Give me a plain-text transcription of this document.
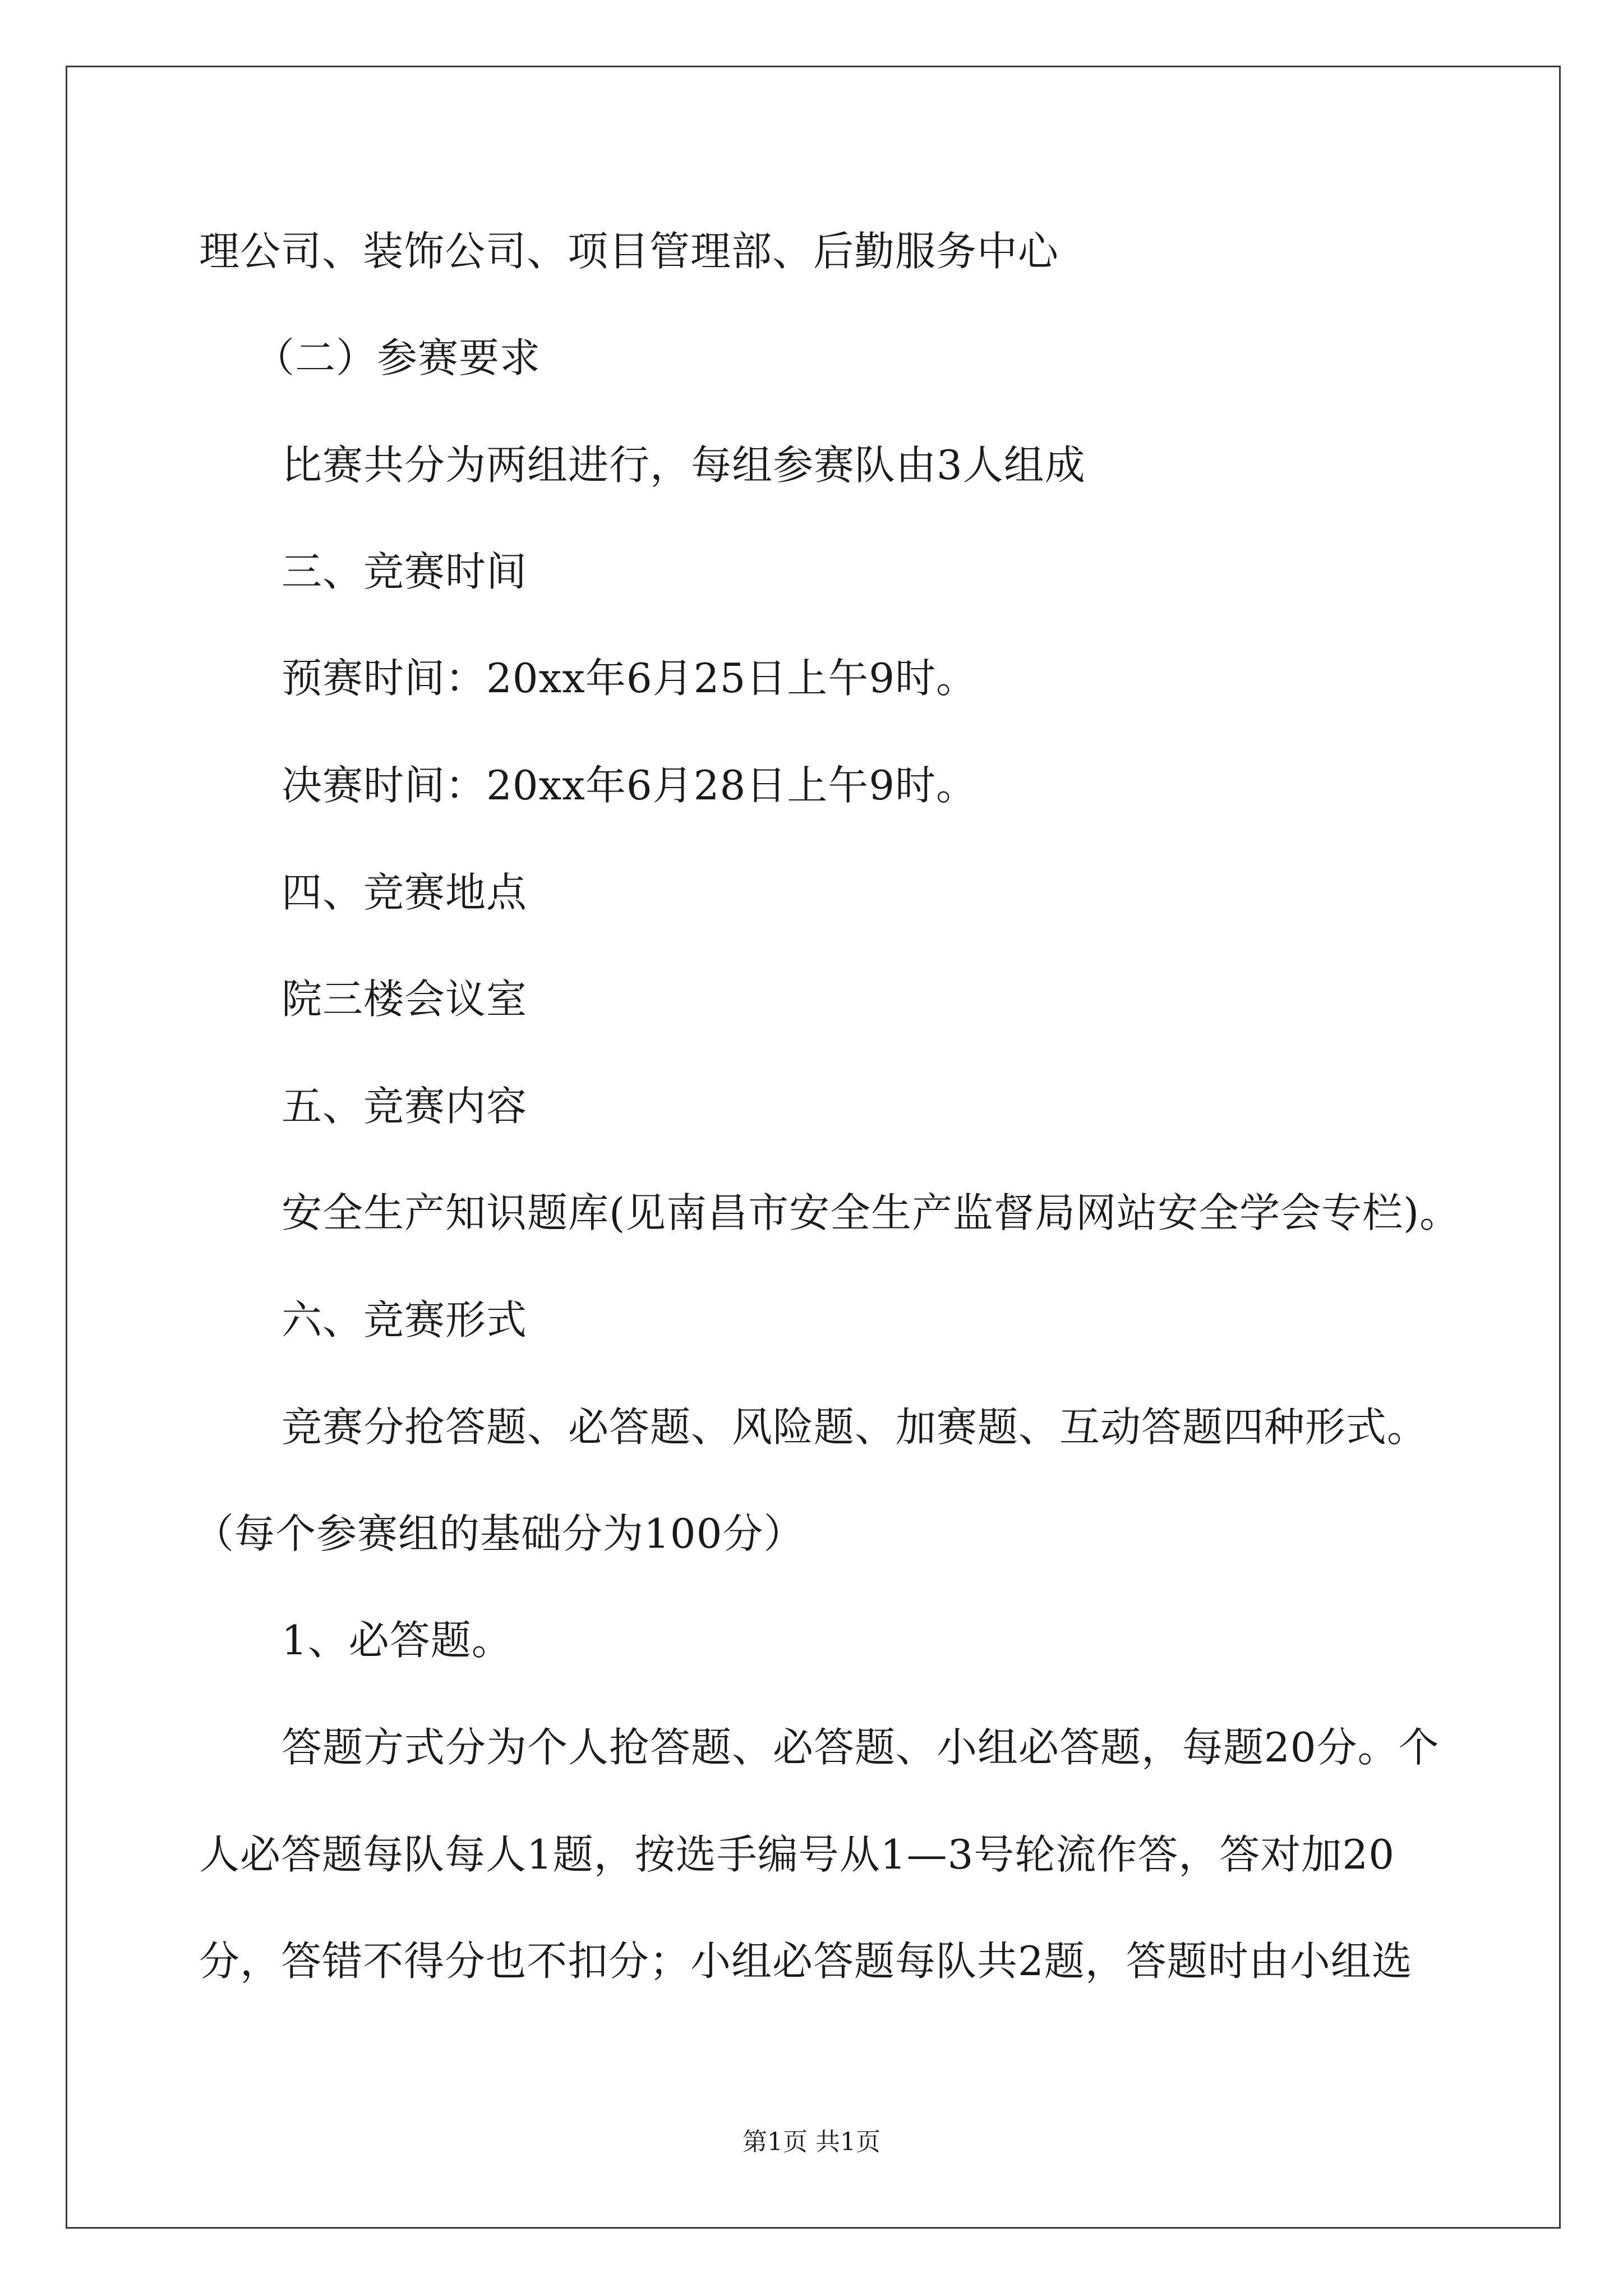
理公司、装饰公司、项目管理部、后勤服务中心
（二）参赛要求
比赛共分为两组进行，每组参赛队由3人组成
三、竞赛时间
预赛时间：20xx年6月25日上午9时。
决赛时间：20xx年6月28日上午9时。
四、竞赛地点
院三楼会议室
五、竞赛内容
安全生产知识题库(见南昌市安全生产监督局网站安全学会专栏)。
六、竞赛形式
竞赛分抢答题、必答题、风险题、加赛题、互动答题四种形式。
（每个参赛组的基础分为100分）
1、必答题。
答题方式分为个人抢答题、必答题、小组必答题，每题20分。个
人必答题每队每人1题，按选手编号从1—3号轮流作答，答对加20
分，答错不得分也不扣分；小组必答题每队共2题，答题时由小组选
第1页 共1页
